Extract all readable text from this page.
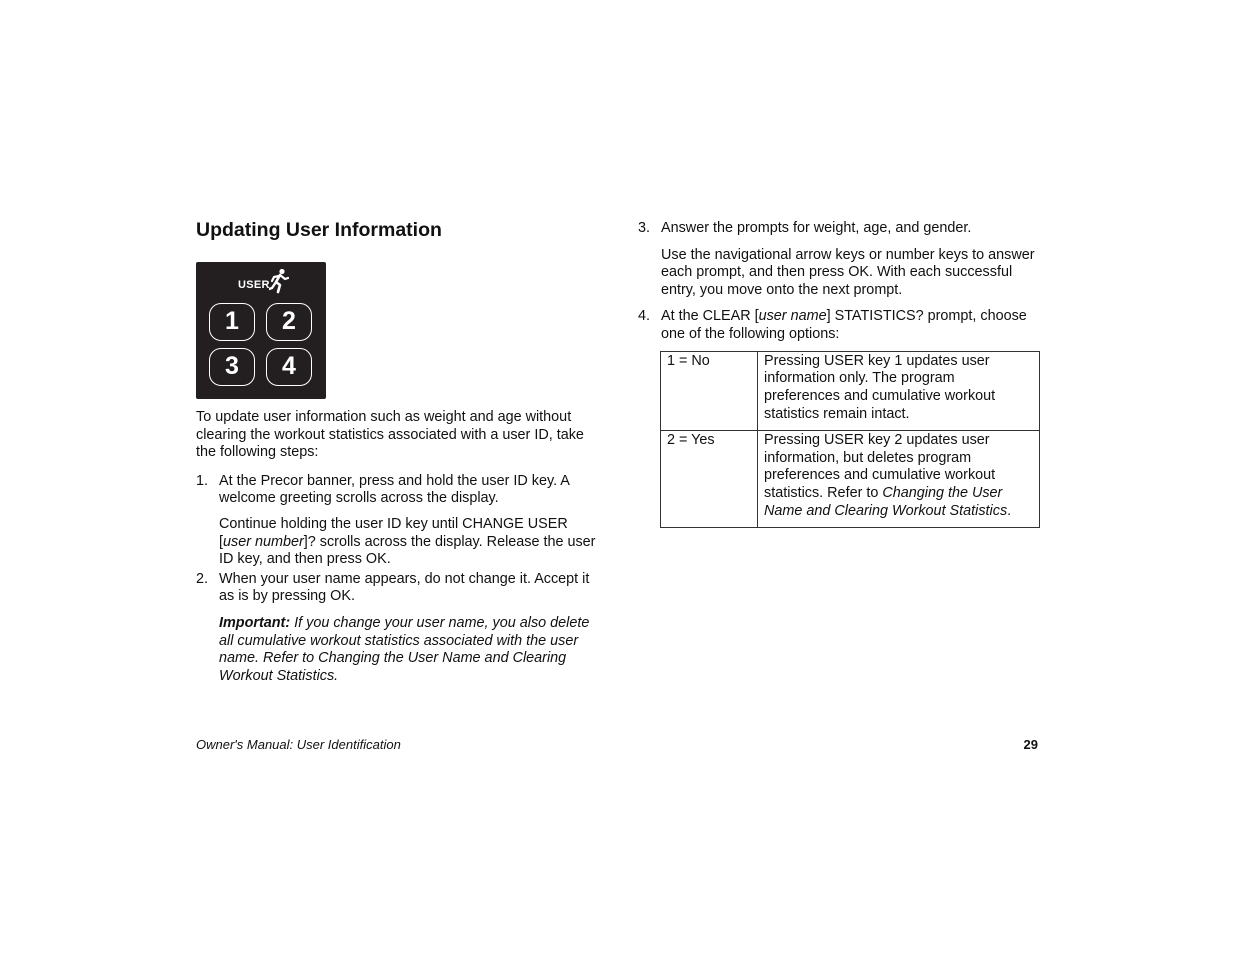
Updating User Information
USER
1	2
3	4

To update user information such as weight and age without clearing the workout statistics associated with a user ID, take the following steps:

1. At the Precor banner, press and hold the user ID key. A welcome greeting scrolls across the display.

Continue holding the user ID key until CHANGE USER [user number]? scrolls across the display. Release the user ID key, and then press OK.

2. When your user name appears, do not change it. Accept it as is by pressing OK.

Important: If you change your user name, you also delete all cumulative workout statistics associated with the user name. Refer to Changing the User Name and Clearing Workout Statistics.

3. Answer the prompts for weight, age, and gender.

Use the navigational arrow keys or number keys to answer each prompt, and then press OK. With each successful entry, you move onto the next prompt.

4. At the CLEAR [user name] STATISTICS? prompt, choose one of the following options:

1 = No	Pressing USER key 1 updates user information only. The program preferences and cumulative workout statistics remain intact.
2 = Yes	Pressing USER key 2 updates user information, but deletes program preferences and cumulative workout statistics. Refer to Changing the User Name and Clearing Workout Statistics.
Owner's Manual: User Identification	29
